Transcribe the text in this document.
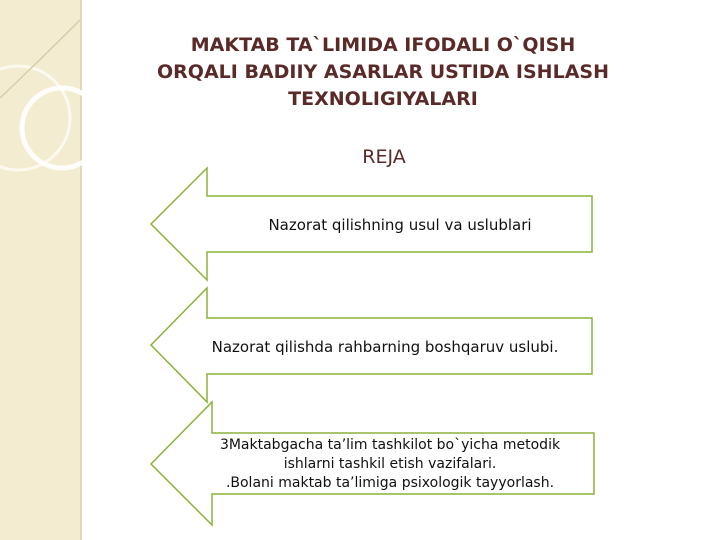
MAKTAB TA`LIMIDA IFODALI O`QISH
ORQALI BADIIY ASARLAR USTIDA ISHLASH
TEXNOLIGIYALARI

REJA

Nazorat qilishning usul va uslublari
Nazorat qilishda rahbarning boshqaruv uslubi.
3Maktabgacha ta’lim tashkilot bo`yicha metodik
ishlarni tashkil etish vazifalari.
.Bolani maktab ta’limiga psixologik tayyorlash.
